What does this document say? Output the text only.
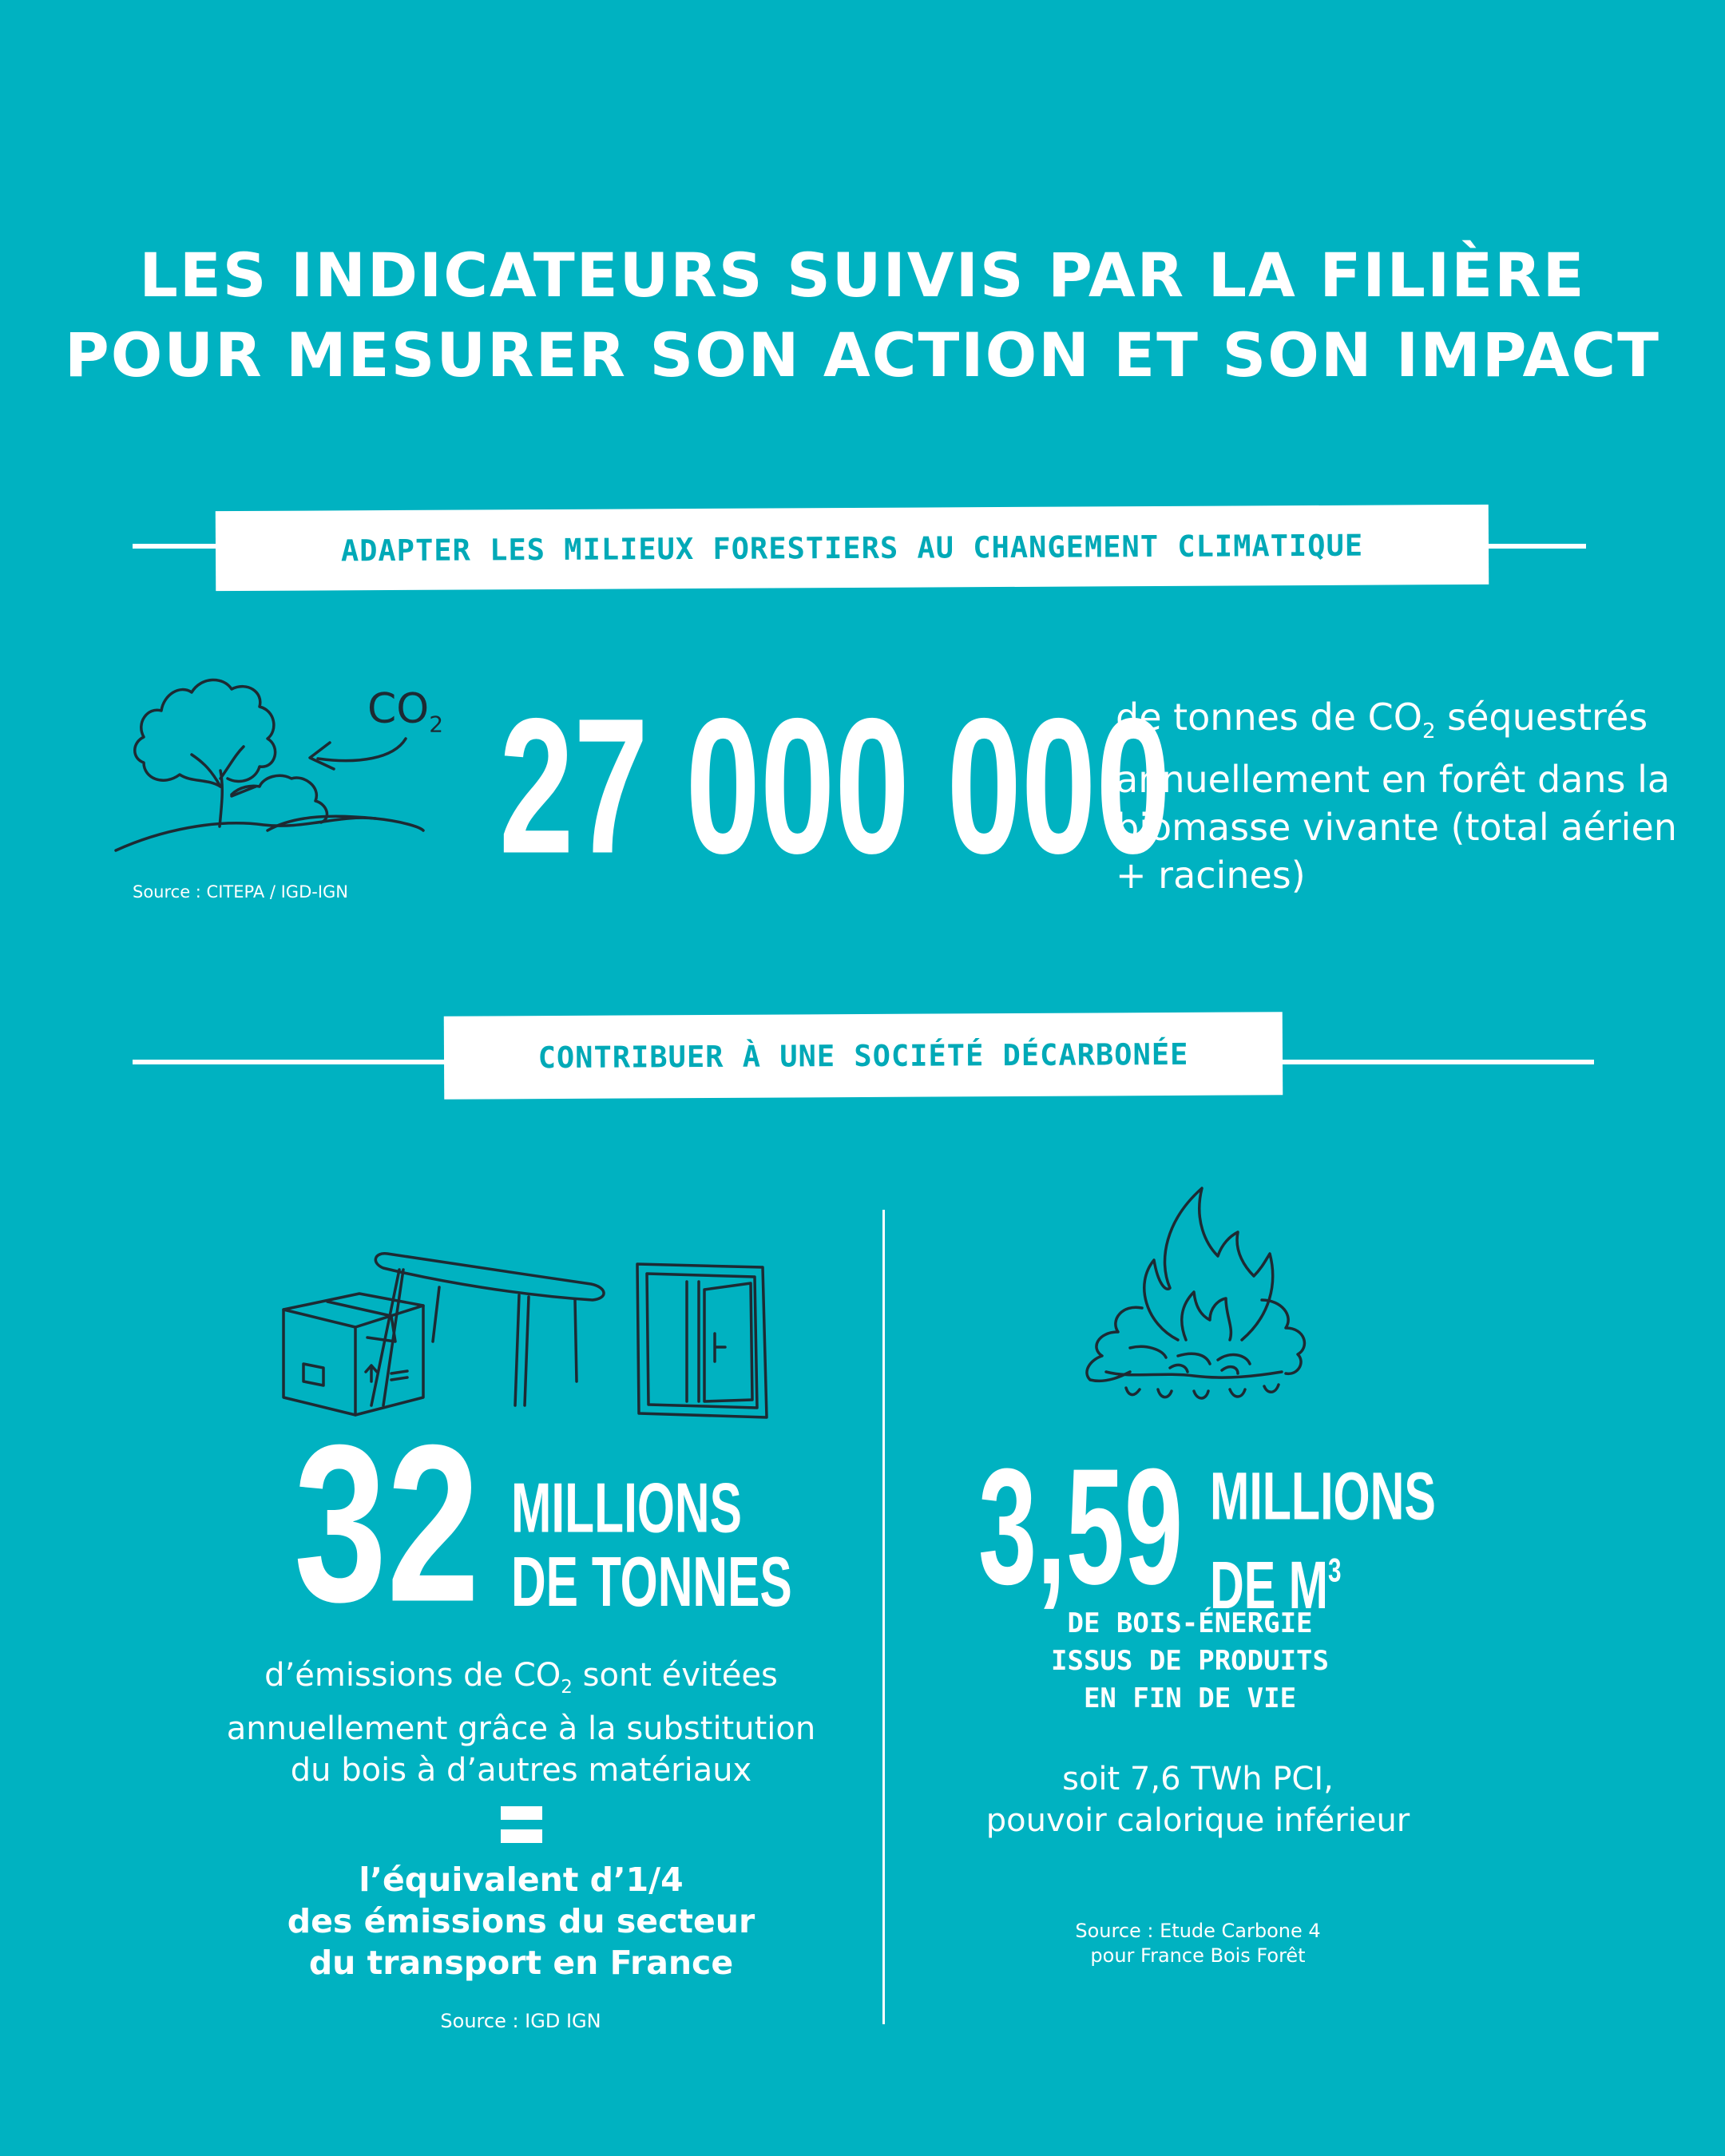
LES INDICATEURS SUIVIS PAR LA FILIÈRE
POUR MESURER SON ACTION ET SON IMPACT
ADAPTER LES MILIEUX FORESTIERS AU CHANGEMENT CLIMATIQUE
$CO_2$
Source : CITEPA / IGD-IGN 27 000 000
de tonnes de $CO_2$ séquestrés
annuellement en forêt dans la
biomasse vivante (total aérien
+ racines)
CONTRIBUER À UNE SOCIÉTÉ DÉCARBONÉE
32 MILLIONS
DE TONNES
d’émissions de $CO_2$ sont évitées
annuellement grâce à la substitution
du bois à d’autres matériaux
l’équivalent d’1/4
des émissions du secteur
du transport en France
Source : IGD IGN
3,59 MILLIONS
DE $M^3$
DE BOIS-ÉNERGIE
ISSUS DE PRODUITS
EN FIN DE VIE
soit 7,6 TWh PCI,
pouvoir calorique inférieur
Source : Etude Carbone 4
pour France Bois Forêt
